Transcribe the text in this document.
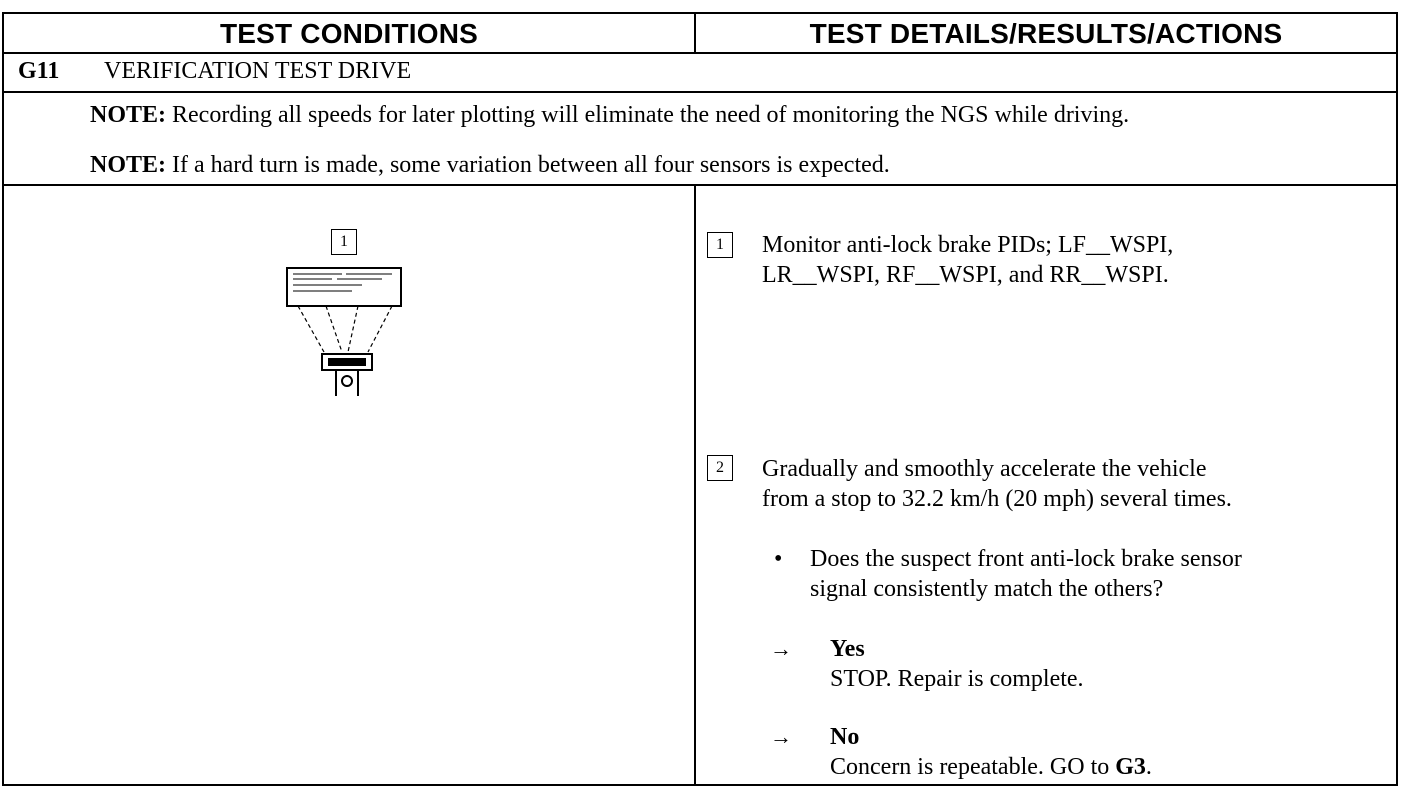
TEST CONDITIONS	TEST DETAILS/RESULTS/ACTIONS
G11 VERIFICATION TEST DRIVE
NOTE: Recording all speeds for later plotting will eliminate the need of monitoring the NGS while driving.
NOTE: If a hard turn is made, some variation between all four sensors is expected.
1	1	Monitor anti-lock brake PIDs; LF__WSPI,
LR__WSPI, RF__WSPI, and RR__WSPI.
2	Gradually and smoothly accelerate the vehicle
from a stop to 32.2 km/h (20 mph) several times.
• Does the suspect front anti-lock brake sensor
signal consistently match the others?
→ Yes
STOP. Repair is complete.
→ No
Concern is repeatable. GO to G3.
